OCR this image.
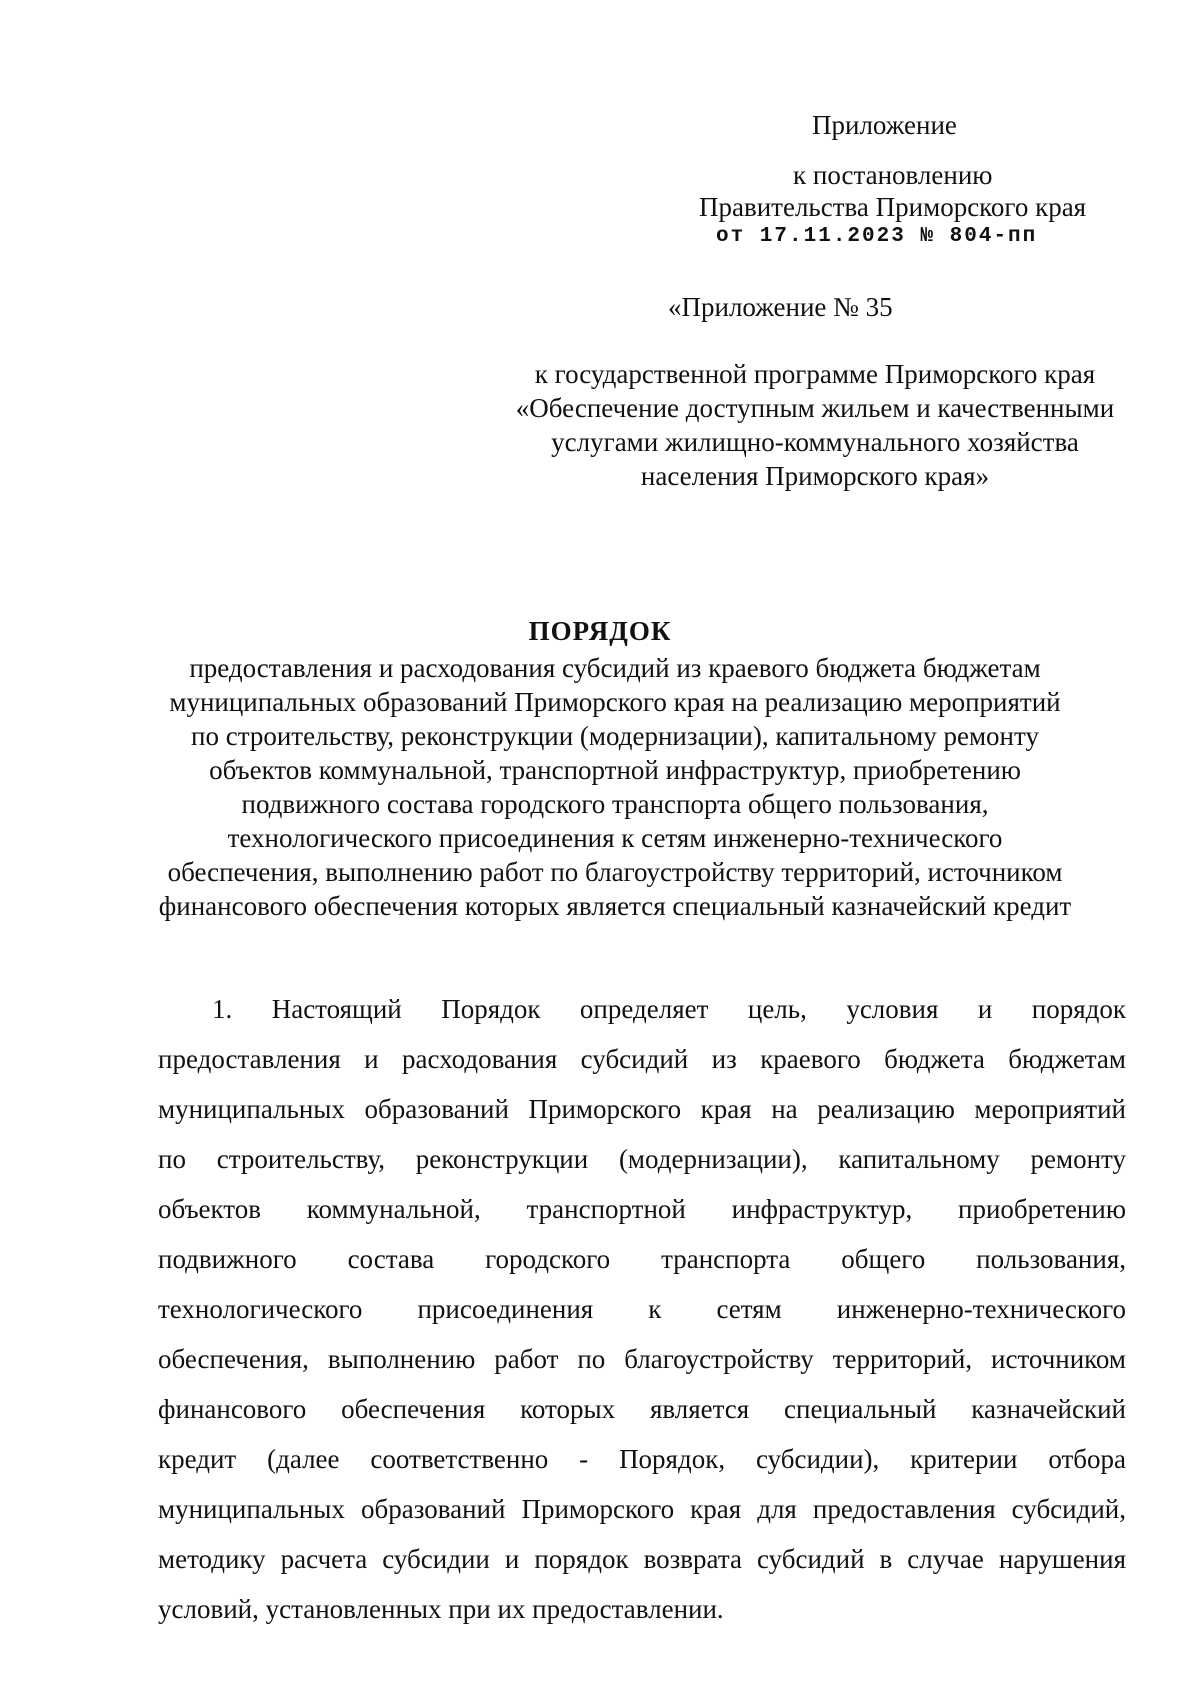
Приложение
к постановлению
Правительства Приморского края
от 17.11.2023 № 804-пп
«Приложение № 35
к государственной программе Приморского края
«Обеспечение доступным жильем и качественными
услугами жилищно-коммунального хозяйства
населения Приморского края»
ПОРЯДОК
предоставления и расходования субсидий из краевого бюджета бюджетам
муниципальных образований Приморского края на реализацию мероприятий
по строительству, реконструкции (модернизации), капитальному ремонту
объектов коммунальной, транспортной инфраструктур, приобретению
подвижного состава городского транспорта общего пользования,
технологического присоединения к сетям инженерно-технического
обеспечения, выполнению работ по благоустройству территорий, источником
финансового обеспечения которых является специальный казначейский кредит
1. Настоящий Порядок определяет цель, условия и порядок
предоставления и расходования субсидий из краевого бюджета бюджетам
муниципальных образований Приморского края на реализацию мероприятий
по строительству, реконструкции (модернизации), капитальному ремонту
объектов коммунальной, транспортной инфраструктур, приобретению
подвижного состава городского транспорта общего пользования,
технологического присоединения к сетям инженерно-технического
обеспечения, выполнению работ по благоустройству территорий, источником
финансового обеспечения которых является специальный казначейский
кредит (далее соответственно - Порядок, субсидии), критерии отбора
муниципальных образований Приморского края для предоставления субсидий,
методику расчета субсидии и порядок возврата субсидий в случае нарушения
условий, установленных при их предоставлении.
